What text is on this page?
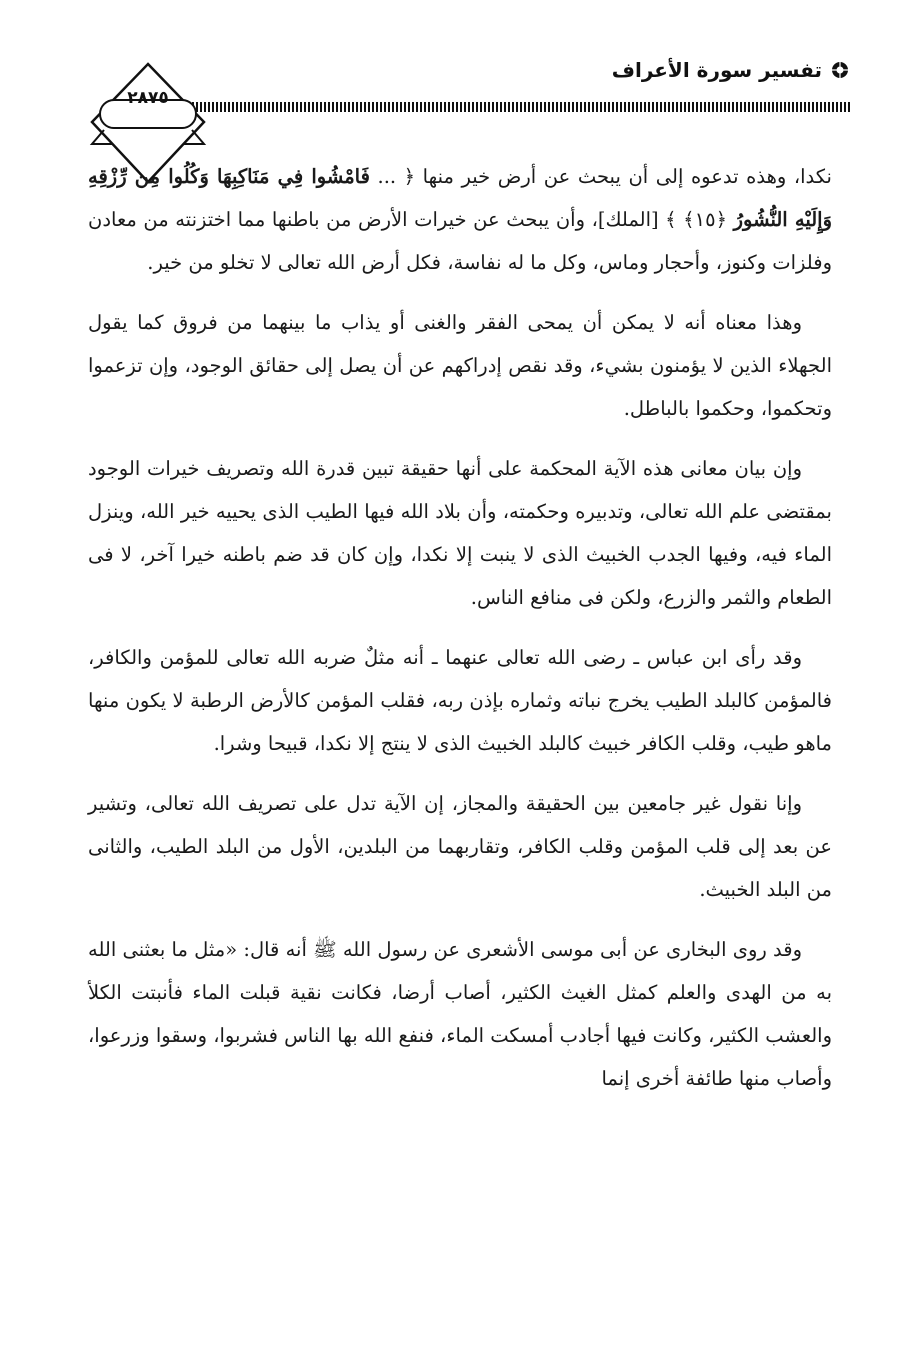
تفسير سورة الأعراف
٢٨٧٥

نكدا، وهذه تدعوه إلى أن يبحث عن أرض خير منها ﴿ ... فَامْشُوا فِي مَنَاكِبِهَا وَكُلُوا مِن رِّزْقِهِ وَإِلَيْهِ النُّشُورُ ﴿١٥﴾ ﴾ [الملك]، وأن يبحث عن خيرات الأرض من باطنها مما اختزنته من معادن وفلزات وكنوز، وأحجار وماس، وكل ما له نفاسة، فكل أرض الله تعالى لا تخلو من خير.

وهذا معناه أنه لا يمكن أن يمحى الفقر والغنى أو يذاب ما بينهما من فروق كما يقول الجهلاء الذين لا يؤمنون بشيء، وقد نقص إدراكهم عن أن يصل إلى حقائق الوجود، وإن تزعموا وتحكموا، وحكموا بالباطل.

وإن بيان معانى هذه الآية المحكمة على أنها حقيقة تبين قدرة الله وتصريف خيرات الوجود بمقتضى علم الله تعالى، وتدبيره وحكمته، وأن بلاد الله فيها الطيب الذى يحييه خير الله، وينزل الماء فيه، وفيها الجدب الخبيث الذى لا ينبت إلا نكدا، وإن كان قد ضم باطنه خيرا آخر، لا فى الطعام والثمر والزرع، ولكن فى منافع الناس.

وقد رأى ابن عباس ـ رضى الله تعالى عنهما ـ أنه مثلٌ ضربه الله تعالى للمؤمن والكافر، فالمؤمن كالبلد الطيب يخرج نباته وثماره بإذن ربه، فقلب المؤمن كالأرض الرطبة لا يكون منها ماهو طيب، وقلب الكافر خبيث كالبلد الخبيث الذى لا ينتج إلا نكدا، قبيحا وشرا.

وإنا نقول غير جامعين بين الحقيقة والمجاز، إن الآية تدل على تصريف الله تعالى، وتشير عن بعد إلى قلب المؤمن وقلب الكافر، وتقاربهما من البلدين، الأول من البلد الطيب، والثانى من البلد الخبيث.

وقد روى البخارى عن أبى موسى الأشعرى عن رسول الله ﷺ أنه قال: «مثل ما بعثنى الله به من الهدى والعلم كمثل الغيث الكثير، أصاب أرضا، فكانت نقية قبلت الماء فأنبتت الكلأ والعشب الكثير، وكانت فيها أجادب أمسكت الماء، فنفع الله بها الناس فشربوا، وسقوا وزرعوا، وأصاب منها طائفة أخرى إنما
